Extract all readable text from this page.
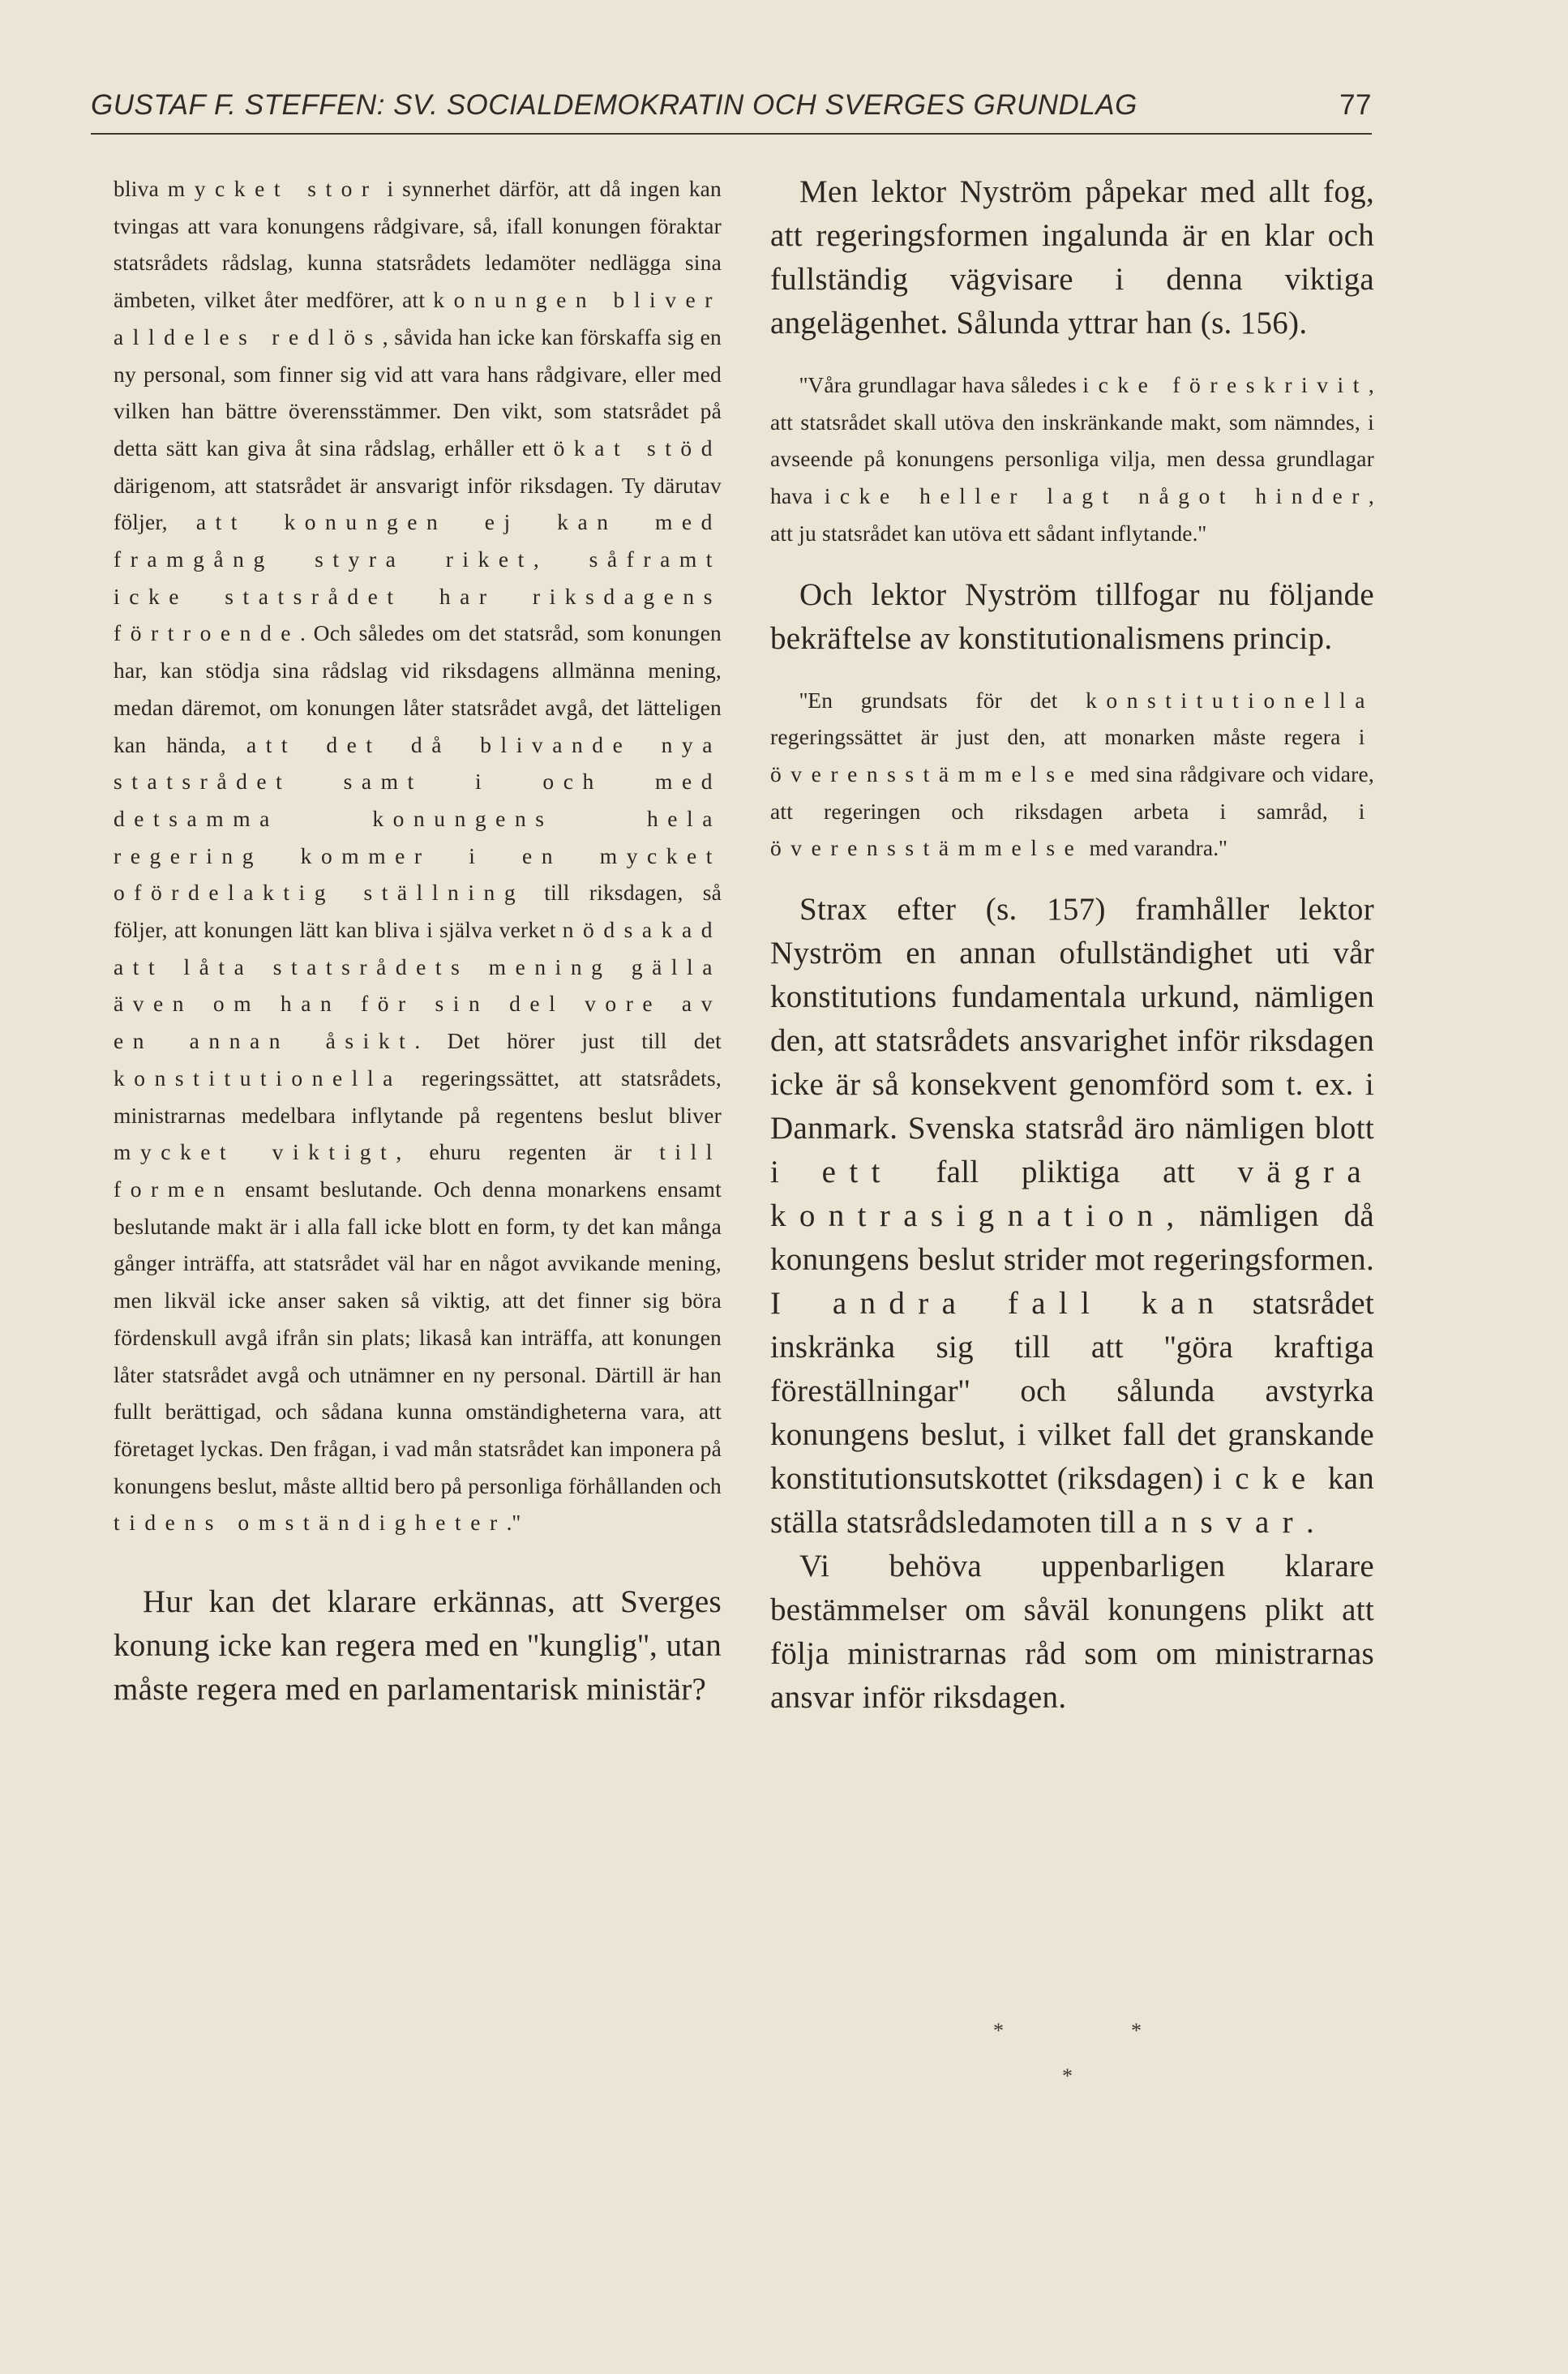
GUSTAF F. STEFFEN: SV. SOCIALDEMOKRATIN OCH SVERGES GRUNDLAG	77

bliva mycket stor i synnerhet därför, att då ingen kan tvingas att vara konungens rådgivare, så, ifall konungen föraktar statsrådets rådslag, kunna statsrådets ledamöter nedlägga sina ämbeten, vilket åter medförer, att konungen bliver alldeles redlös, såvida han icke kan förskaffa sig en ny personal, som finner sig vid att vara hans rådgivare, eller med vilken han bättre överensstämmer. Den vikt, som statsrådet på detta sätt kan giva åt sina rådslag, erhåller ett ökat stöd därigenom, att statsrådet är ansvarigt inför riksdagen. Ty därutav följer, att konungen ej kan med framgång styra riket, såframt icke statsrådet har riksdagens förtroende. Och således om det statsråd, som konungen har, kan stödja sina rådslag vid riksdagens allmänna mening, medan däremot, om konungen låter statsrådet avgå, det lätteligen kan hända, att det då blivande nya statsrådet samt i och med detsamma konungens hela regering kommer i en mycket ofördelaktig ställning till riksdagen, så följer, att konungen lätt kan bliva i själva verket nödsakad att låta statsrådets mening gälla även om han för sin del vore av en annan åsikt. Det hörer just till det konstitutionella regeringssättet, att statsrådets, ministrarnas medelbara inflytande på regentens beslut bliver mycket viktigt, ehuru regenten är till formen ensamt beslutande. Och denna monarkens ensamt beslutande makt är i alla fall icke blott en form, ty det kan många gånger inträffa, att statsrådet väl har en något avvikande mening, men likväl icke anser saken så viktig, att det finner sig böra fördenskull avgå ifrån sin plats; likaså kan inträffa, att konungen låter statsrådet avgå och utnämner en ny personal. Därtill är han fullt berättigad, och sådana kunna omständigheterna vara, att företaget lyckas. Den frågan, i vad mån statsrådet kan imponera på konungens beslut, måste alltid bero på personliga förhållanden och tidens omständigheter.''

Hur kan det klarare erkännas, att Sverges konung icke kan regera med en ''kunglig'', utan måste regera med en parlamentarisk ministär?

Men lektor Nyström påpekar med allt fog, att regeringsformen ingalunda är en klar och fullständig vägvisare i denna viktiga angelägenhet. Sålunda yttrar han (s. 156).

''Våra grundlagar hava således icke föreskrivit, att statsrådet skall utöva den inskränkande makt, som nämndes, i avseende på konungens personliga vilja, men dessa grundlagar hava icke heller lagt något hinder, att ju statsrådet kan utöva ett sådant inflytande.''

Och lektor Nyström tillfogar nu följande bekräftelse av konstitutionalismens princip.

''En grundsats för det konstitutionella regeringssättet är just den, att monarken måste regera i överensstämmelse med sina rådgivare och vidare, att regeringen och riksdagen arbeta i samråd, i överensstämmelse med varandra.''

Strax efter (s. 157) framhåller lektor Nyström en annan ofullständighet uti vår konstitutions fundamentala urkund, nämligen den, att statsrådets ansvarighet inför riksdagen icke är så konsekvent genomförd som t. ex. i Danmark. Svenska statsråd äro nämligen blott i ett fall pliktiga att vägra kontrasignation, nämligen då konungens beslut strider mot regeringsformen. I andra fall kan statsrådet inskränka sig till att ''göra kraftiga föreställningar'' och sålunda avstyrka konungens beslut, i vilket fall det granskande konstitutionsutskottet (riksdagen) icke kan ställa statsrådsledamoten till ansvar.

Vi behöva uppenbarligen klarare bestämmelser om såväl konungens plikt att följa ministrarnas råd som om ministrarnas ansvar inför riksdagen.

*	*
*
